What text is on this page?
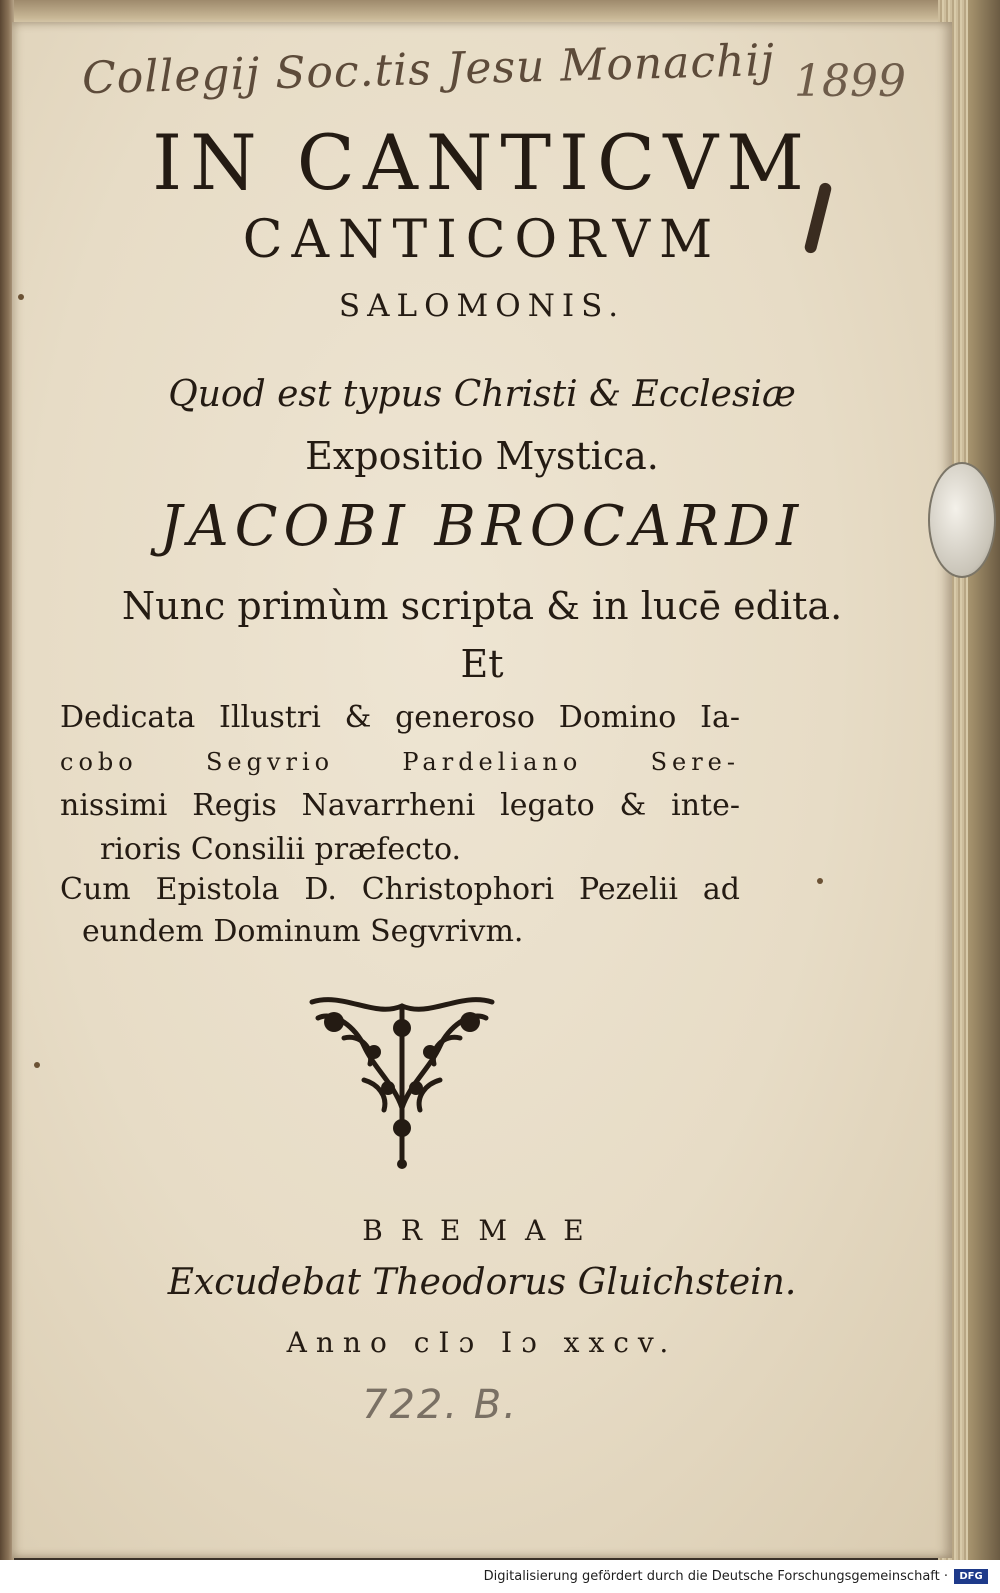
Collegij Soc.tis Jesu Monachij 1899
IN CANTICVM
CANTICORVM
SALOMONIS.
Quod est typus Christi & Ecclesiæ
Expositio Mystica.
JACOBI BROCARDI
Nunc primùm scripta & in lucē edita.
Et
Dedicata Illustri & generoso Domino Ia-
cobo Segvrio Pardeliano Sere-
nissimi Regis Navarrheni legato & inte-
rioris Consilii præfecto.
Cum Epistola D. Christophori Pezelii ad
eundem Dominum Segvrivm.
BREMAE
Excudebat Theodorus Gluichstein.
Anno cIɔ Iɔ xxcv.
722. B.
Digitalisierung gefördert durch die Deutsche Forschungsgemeinschaft ·	DFG
